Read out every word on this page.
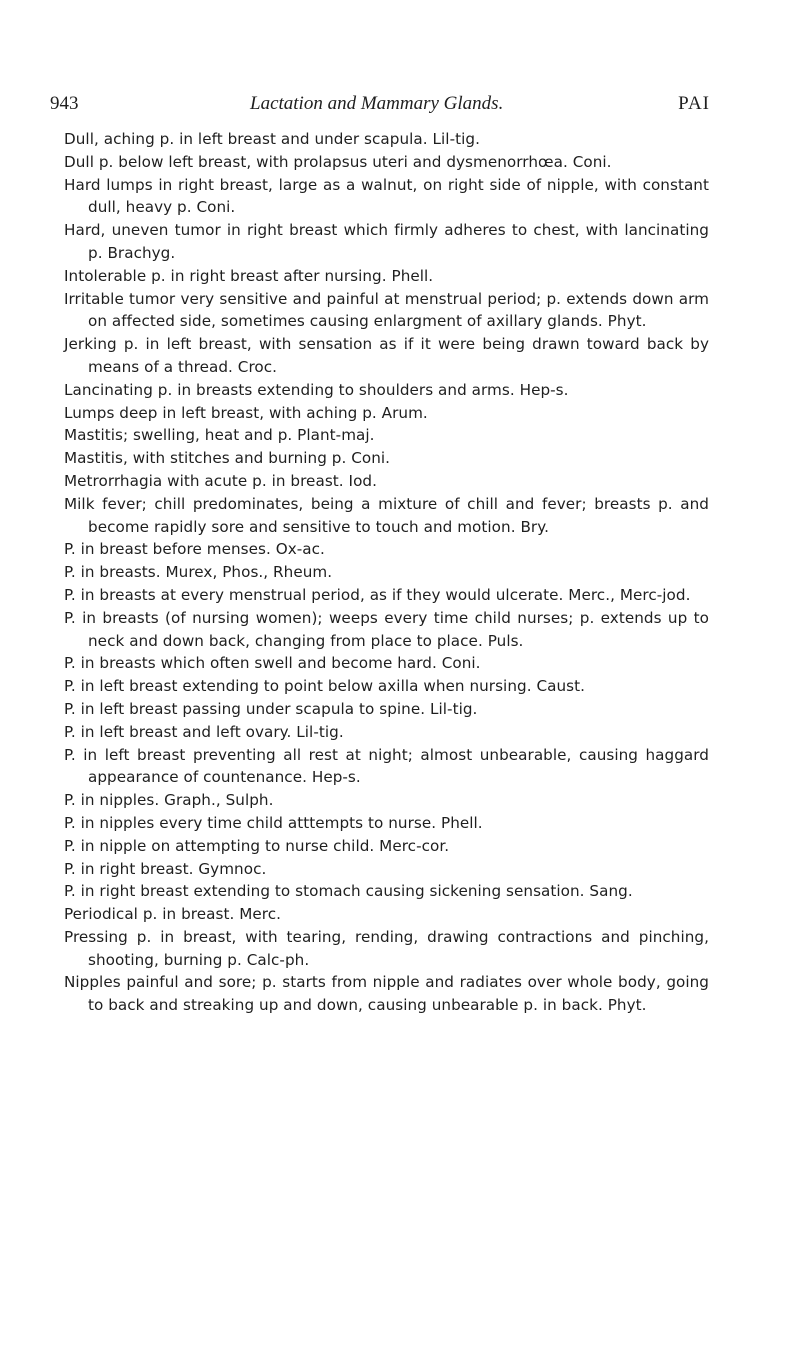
943	Lactation and Mammary Glands.	PAI

Dull, aching p. in left breast and under scapula. Lil-tig.

Dull p. below left breast, with prolapsus uteri and dysmenorrhœa. Coni.

Hard lumps in right breast, large as a walnut, on right side of nipple, with constant dull, heavy p. Coni.

Hard, uneven tumor in right breast which firmly adheres to chest, with lancinating p. Brachyg.

Intolerable p. in right breast after nursing. Phell.

Irritable tumor very sensitive and painful at menstrual period; p. extends down arm on affected side, sometimes causing enlargment of axillary glands. Phyt.

Jerking p. in left breast, with sensation as if it were being drawn toward back by means of a thread. Croc.

Lancinating p. in breasts extending to shoulders and arms. Hep-s.

Lumps deep in left breast, with aching p. Arum.

Mastitis; swelling, heat and p. Plant-maj.

Mastitis, with stitches and burning p. Coni.

Metrorrhagia with acute p. in breast. Iod.

Milk fever; chill predominates, being a mixture of chill and fever; breasts p. and become rapidly sore and sensitive to touch and motion. Bry.

P. in breast before menses. Ox-ac.

P. in breasts. Murex, Phos., Rheum.

P. in breasts at every menstrual period, as if they would ulcerate. Merc., Merc-jod.

P. in breasts (of nursing women); weeps every time child nurses; p. extends up to neck and down back, changing from place to place. Puls.

P. in breasts which often swell and become hard. Coni.

P. in left breast extending to point below axilla when nursing. Caust.

P. in left breast passing under scapula to spine. Lil-tig.

P. in left breast and left ovary. Lil-tig.

P. in left breast preventing all rest at night; almost unbearable, causing haggard appearance of countenance. Hep-s.

P. in nipples. Graph., Sulph.

P. in nipples every time child atttempts to nurse. Phell.

P. in nipple on attempting to nurse child. Merc-cor.

P. in right breast. Gymnoc.

P. in right breast extending to stomach causing sickening sensation. Sang.

Periodical p. in breast. Merc.

Pressing p. in breast, with tearing, rending, drawing contractions and pinching, shooting, burning p. Calc-ph.

Nipples painful and sore; p. starts from nipple and radiates over whole body, going to back and streaking up and down, causing unbearable p. in back. Phyt.
